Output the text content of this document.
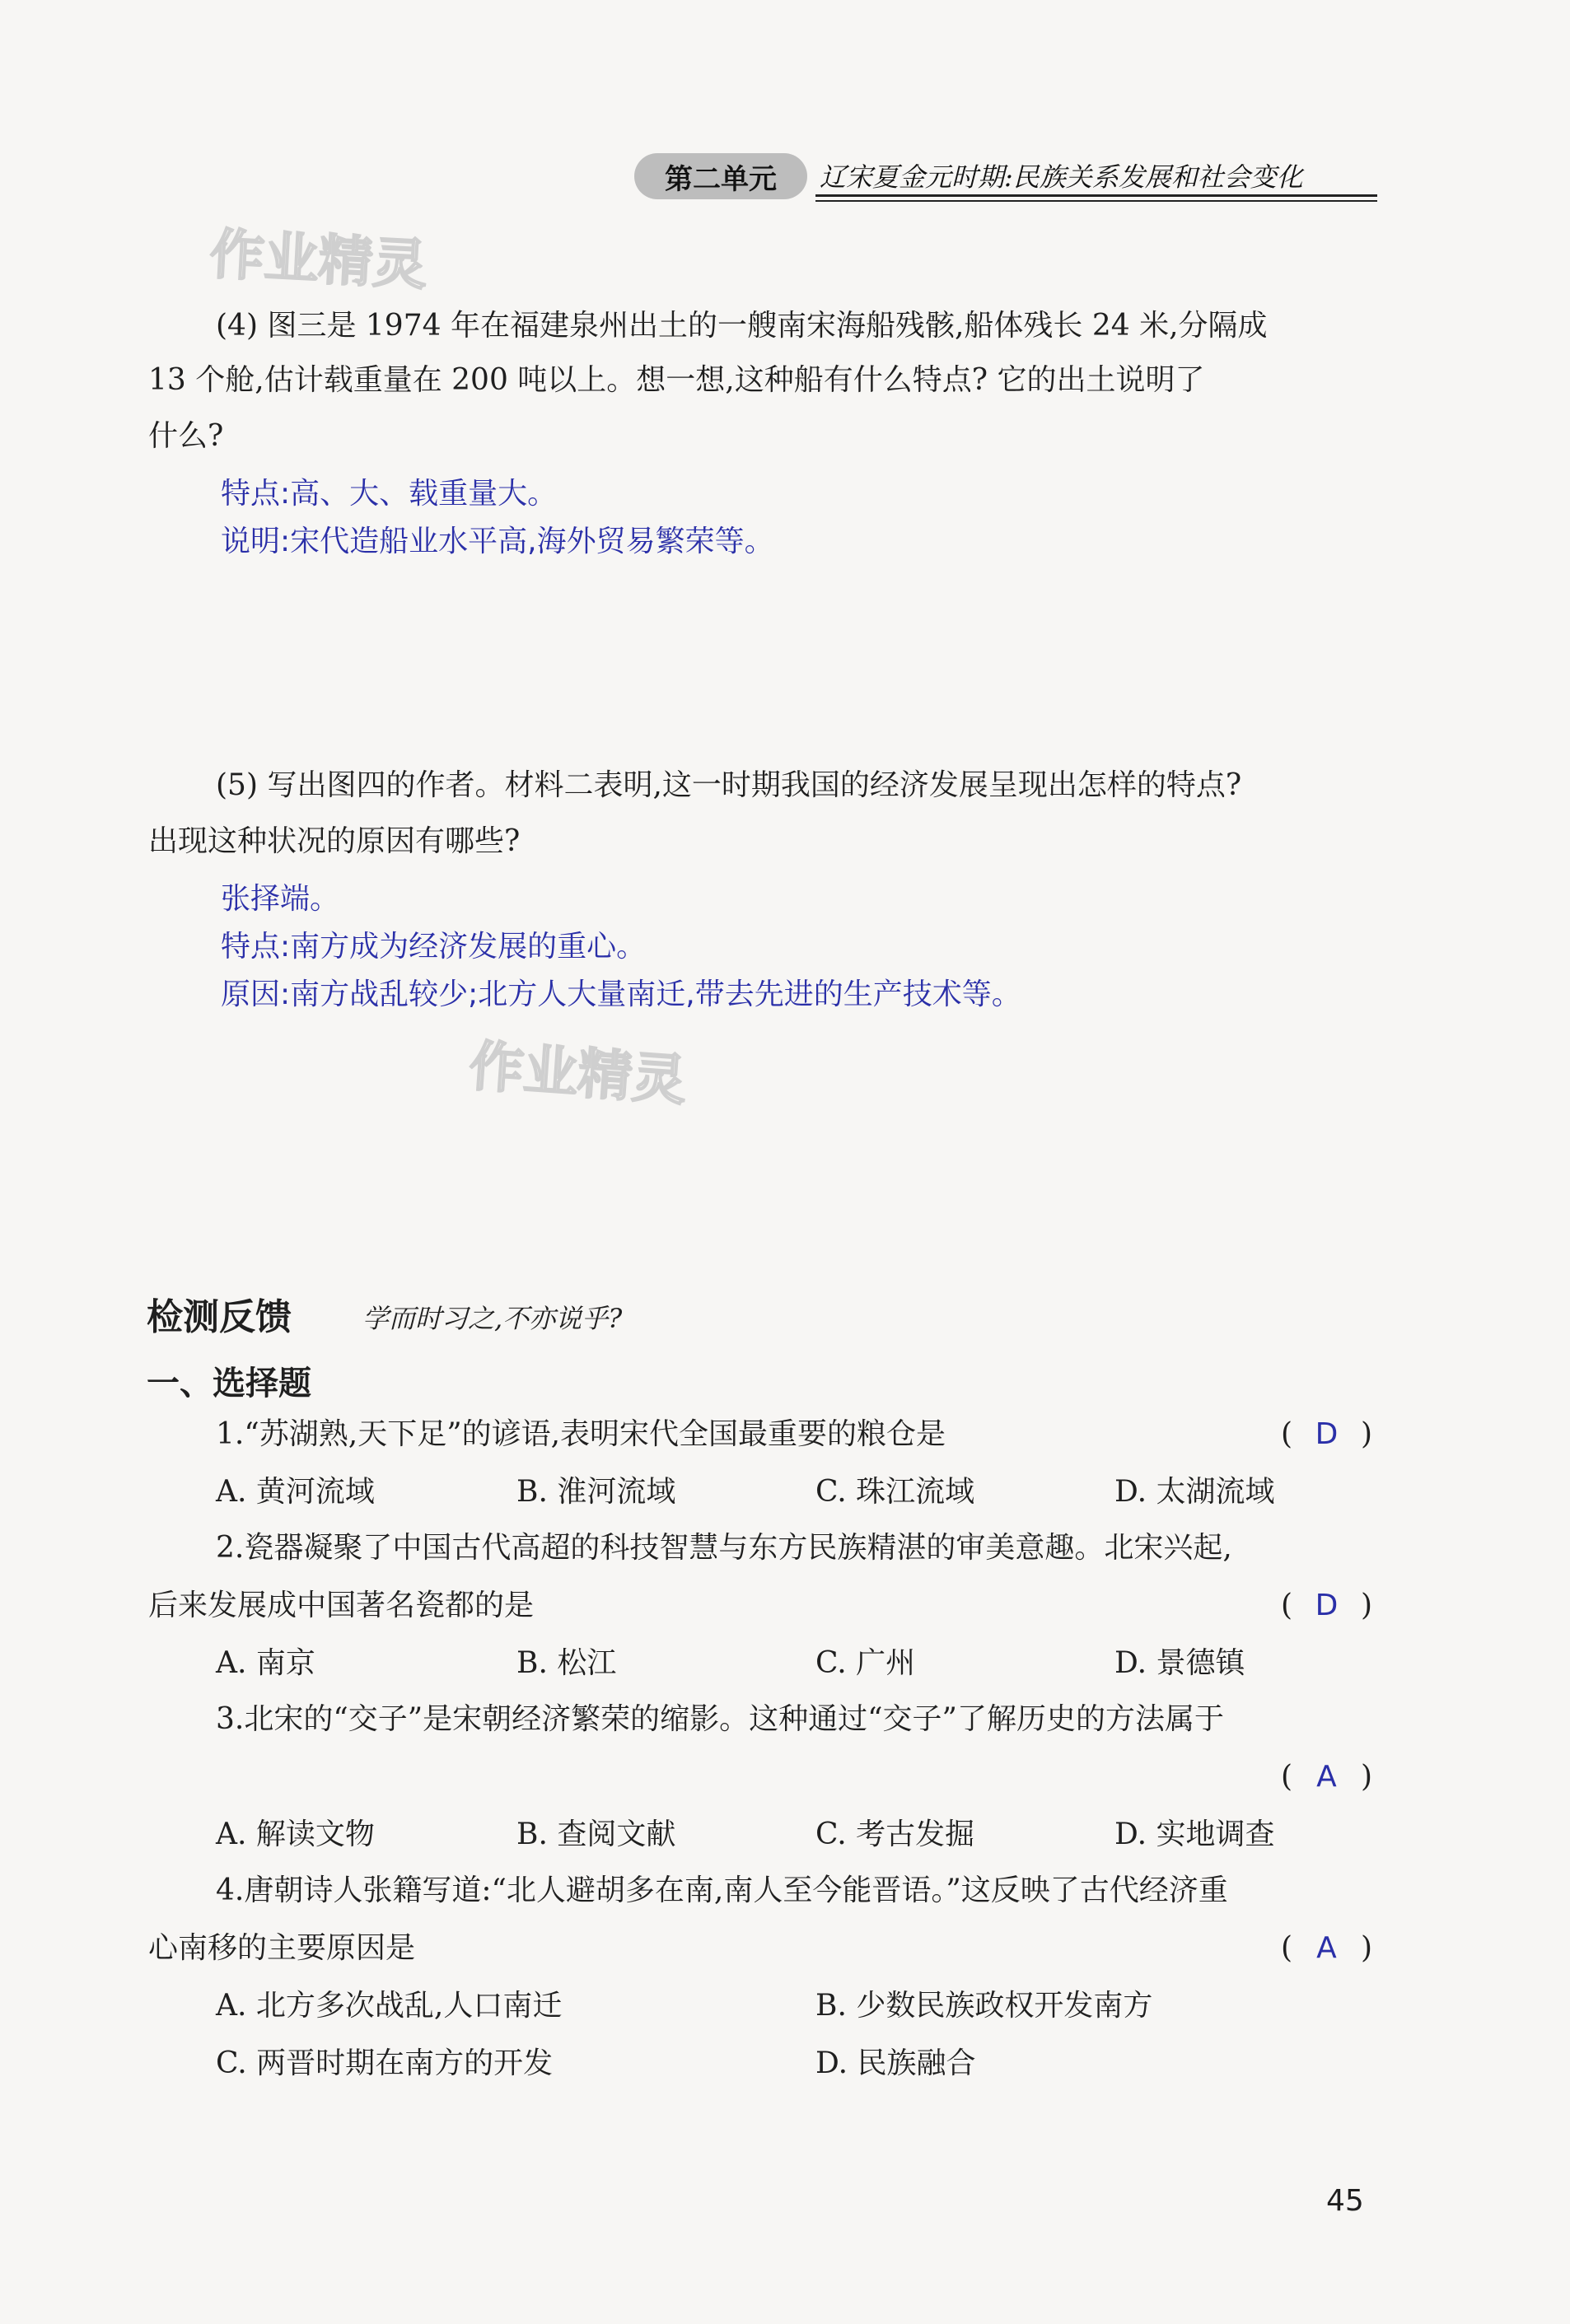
第二单元	辽宋夏金元时期:民族关系发展和社会变化
作业精灵
作业精灵
(4) 图三是 1974 年在福建泉州出土的一艘南宋海船残骸,船体残长 24 米,分隔成
13 个舱,估计载重量在 200 吨以上。想一想,这种船有什么特点? 它的出土说明了
什么?
特点:高、大、载重量大。
说明:宋代造船业水平高,海外贸易繁荣等。
(5) 写出图四的作者。材料二表明,这一时期我国的经济发展呈现出怎样的特点?
出现这种状况的原因有哪些?
张择端。
特点:南方成为经济发展的重心。
原因:南方战乱较少;北方人大量南迁,带去先进的生产技术等。
检测反馈	学而时习之,不亦说乎?
一、选择题
1.“苏湖熟,天下足”的谚语,表明宋代全国最重要的粮仓是	( D )
A. 黄河流域	B. 淮河流域	C. 珠江流域	D. 太湖流域
2.瓷器凝聚了中国古代高超的科技智慧与东方民族精湛的审美意趣。北宋兴起,
后来发展成中国著名瓷都的是	( D )
A. 南京	B. 松江	C. 广州	D. 景德镇
3.北宋的“交子”是宋朝经济繁荣的缩影。这种通过“交子”了解历史的方法属于
( A )
A. 解读文物	B. 查阅文献	C. 考古发掘	D. 实地调查
4.唐朝诗人张籍写道:“北人避胡多在南,南人至今能晋语。”这反映了古代经济重
心南移的主要原因是	( A )
A. 北方多次战乱,人口南迁	B. 少数民族政权开发南方
C. 两晋时期在南方的开发	D. 民族融合
45
